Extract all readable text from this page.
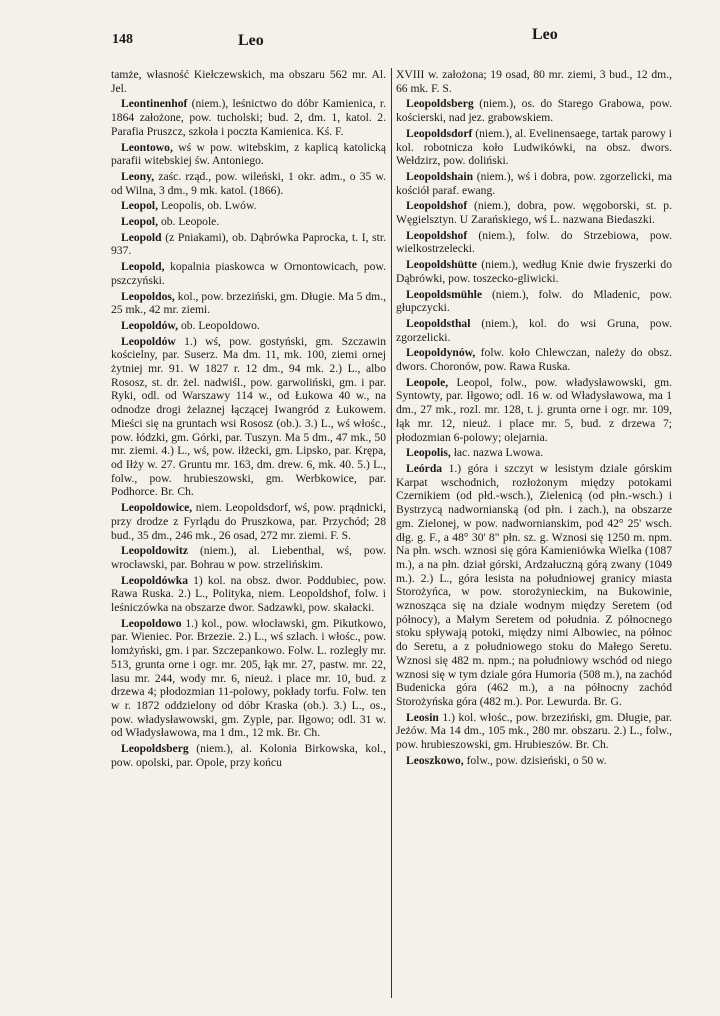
148	Leo	Leo

tamże, własność Kiełczewskich, ma obszaru 562 mr. Al. Jel.

Leontinenhof (niem.), leśnictwo do dóbr Kamienica, r. 1864 założone, pow. tucholski; bud. 2, dm. 1, katol. 2. Parafia Pruszcz, szkoła i poczta Kamienica. Kś. F.

Leontowo, wś w pow. witebskim, z kaplicą katolicką parafii witebskiej św. Antoniego.

Leony, zaśc. rząd., pow. wileński, 1 okr. adm., o 35 w. od Wilna, 3 dm., 9 mk. katol. (1866).

Leopol, Leopolis, ob. Lwów.

Leopol, ob. Leopole.

Leopold (z Pniakami), ob. Dąbrówka Paprocka, t. I, str. 937.

Leopold, kopalnia piaskowca w Ornontowicach, pow. pszczyński.

Leopoldos, kol., pow. brzeziński, gm. Długie. Ma 5 dm., 25 mk., 42 mr. ziemi.

Leopoldów, ob. Leopoldowo.

Leopoldów 1.) wś, pow. gostyński, gm. Szczawin kościelny, par. Suserz. Ma dm. 11, mk. 100, ziemi ornej żytniej mr. 91. W 1827 r. 12 dm., 94 mk. 2.) L., albo Rososz, st. dr. żel. nadwiśl., pow. garwoliński, gm. i par. Ryki, odl. od Warszawy 114 w., od Łukowa 40 w., na odnodze drogi żelaznej łączącej Iwangród z Łukowem. Mieści się na gruntach wsi Rososz (ob.). 3.) L., wś włośc., pow. łódzki, gm. Górki, par. Tuszyn. Ma 5 dm., 47 mk., 50 mr. ziemi. 4.) L., wś, pow. iłżecki, gm. Lipsko, par. Krępa, od Iłży w. 27. Gruntu mr. 163, dm. drew. 6, mk. 40. 5.) L., folw., pow. hrubieszowski, gm. Werbkowice, par. Podhorce. Br. Ch.

Leopoldowice, niem. Leopoldsdorf, wś, pow. prądnicki, przy drodze z Fyrlądu do Pruszkowa, par. Przychód; 28 bud., 35 dm., 246 mk., 26 osad, 272 mr. ziemi. F. S.

Leopoldowitz (niem.), al. Liebenthal, wś, pow. wrocławski, par. Bohrau w pow. strzelińskim.

Leopoldówka 1) kol. na obsz. dwor. Poddubiec, pow. Rawa Ruska. 2.) L., Polityka, niem. Leopoldshof, folw. i leśniczówka na obszarze dwor. Sadzawki, pow. skałacki.

Leopoldowo 1.) kol., pow. włocławski, gm. Pikutkowo, par. Wieniec. Por. Brzezie. 2.) L., wś szlach. i włośc., pow. łomżyński, gm. i par. Szczepankowo. Folw. L. rozległy mr. 513, grunta orne i ogr. mr. 205, łąk mr. 27, pastw. mr. 22, lasu mr. 244, wody mr. 6, nieuż. i place mr. 10, bud. z drzewa 4; płodozmian 11-polowy, pokłady torfu. Folw. ten w r. 1872 oddzielony od dóbr Kraska (ob.). 3.) L., os., pow. władysławowski, gm. Zyple, par. Iłgowo; odl. 31 w. od Władysławowa, ma 1 dm., 12 mk. Br. Ch.

Leopoldsberg (niem.), al. Kolonia Birkowska, kol., pow. opolski, par. Opole, przy końcu

XVIII w. założona; 19 osad, 80 mr. ziemi, 3 bud., 12 dm., 66 mk. F. S.

Leopoldsberg (niem.), os. do Starego Grabowa, pow. kościerski, nad jez. grabowskiem.

Leopoldsdorf (niem.), al. Evelinensaege, tartak parowy i kol. robotnicza koło Ludwikówki, na obsz. dwors. Wełdzirz, pow. doliński.

Leopoldshain (niem.), wś i dobra, pow. zgorzelicki, ma kościół paraf. ewang.

Leopoldshof (niem.), dobra, pow. węgoborski, st. p. Węgielsztyn. U Zarańskiego, wś L. nazwana Biedaszki.

Leopoldshof (niem.), folw. do Strzebiowa, pow. wielkostrzelecki.

Leopoldshütte (niem.), według Knie dwie fryszerki do Dąbrówki, pow. toszecko-gliwicki.

Leopoldsmühle (niem.), folw. do Mladenic, pow. głupczycki.

Leopoldsthal (niem.), kol. do wsi Gruna, pow. zgorzelicki.

Leopoldynów, folw. koło Chlewczan, należy do obsz. dwors. Choronów, pow. Rawa Ruska.

Leopole, Leopol, folw., pow. władysławowski, gm. Syntowty, par. Iłgowo; odl. 16 w. od Władysławowa, ma 1 dm., 27 mk., rozl. mr. 128, t. j. grunta orne i ogr. mr. 109, łąk mr. 12, nieuż. i place mr. 5, bud. z drzewa 7; płodozmian 6-polowy; olejarnia.

Leopolis, łac. nazwa Lwowa.

Leórda 1.) góra i szczyt w lesistym dziale górskim Karpat wschodnich, rozłożonym między potokami Czernikiem (od płd.-wsch.), Zielenicą (od płn.-wsch.) i Bystrzycą nadwornianską (od płn. i zach.), na obszarze gm. Zielonej, w pow. nadwornianskim, pod 42° 25' wsch. dłg. g. F., a 48° 30' 8" płn. sz. g. Wznosi się 1250 m. npm. Na płn. wsch. wznosi się góra Kamieniówka Wielka (1087 m.), a na płn. dział górski, Ardzałuczną górą zwany (1049 m.). 2.) L., góra lesista na południowej granicy miasta Storożyńca, w pow. storożynieckim, na Bukowinie, wznosząca się na dziale wodnym między Seretem (od północy), a Małym Seretem od południa. Z północnego stoku spływają potoki, między nimi Albowiec, na północ do Seretu, a z południowego stoku do Małego Seretu. Wznosi się 482 m. npm.; na południowy wschód od niego wznosi się w tym dziale góra Humoria (508 m.), na zachód Budenicka góra (462 m.), a na północny zachód Storożyńska góra (482 m.). Por. Lewurda. Br. G.

Leosin 1.) kol. włośc., pow. brzeziński, gm. Długie, par. Jeżów. Ma 14 dm., 105 mk., 280 mr. obszaru. 2.) L., folw., pow. hrubieszowski, gm. Hrubieszów. Br. Ch.

Leoszkowo, folw., pow. dzisieński, o 50 w.
